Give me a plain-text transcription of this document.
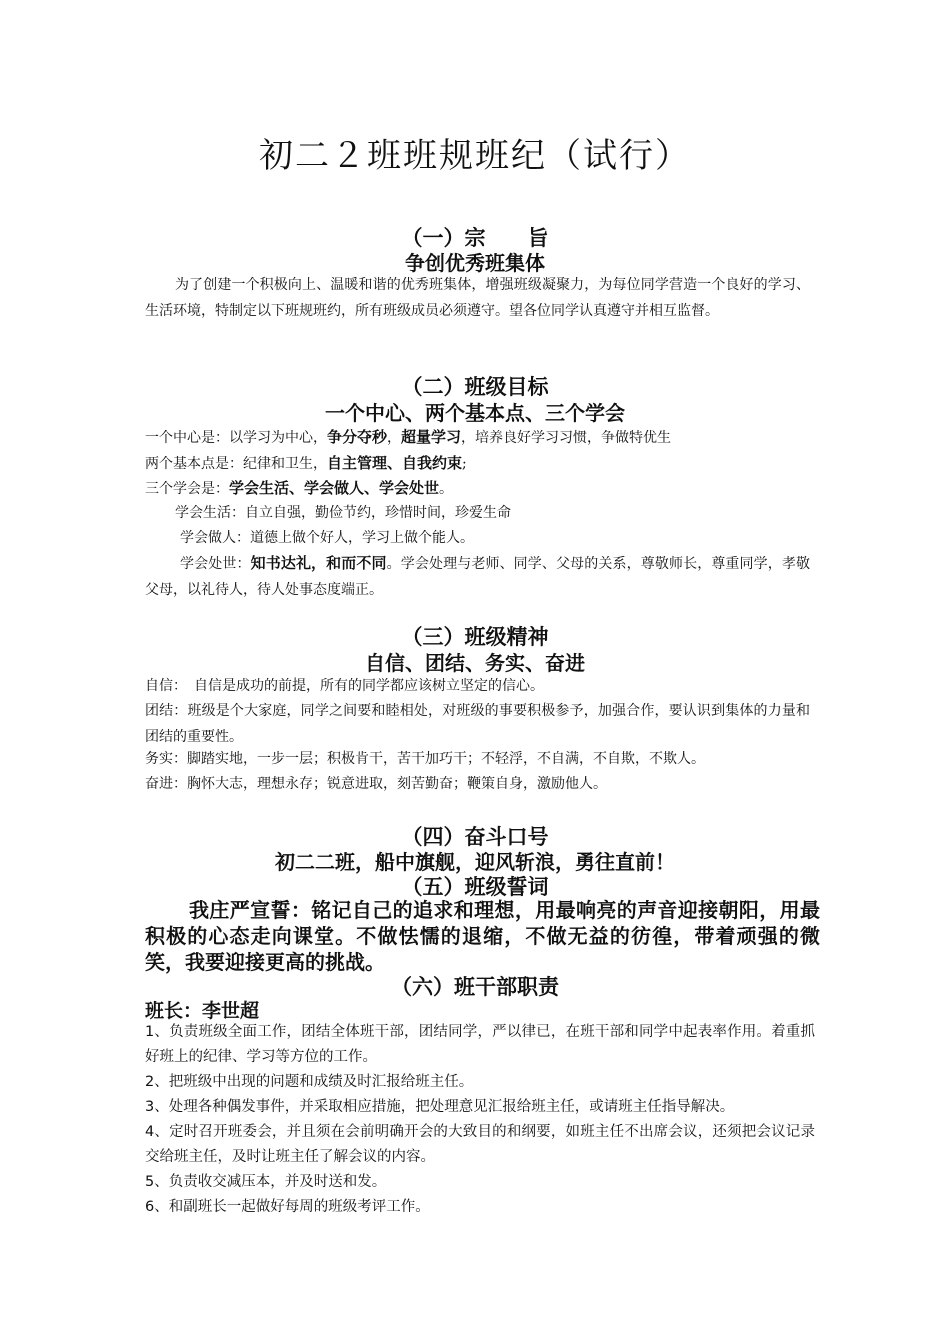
初二２班班规班纪（试行）
（一）宗　　旨
争创优秀班集体
为了创建一个积极向上、温暖和谐的优秀班集体，增强班级凝聚力，为每位同学营造一个良好的学习、生活环境，特制定以下班规班约，所有班级成员必须遵守。望各位同学认真遵守并相互监督。
（二）班级目标
一个中心、两个基本点、三个学会
一个中心是：以学习为中心，争分夺秒，超量学习，培养良好学习习惯，争做特优生
两个基本点是：纪律和卫生，自主管理、自我约束;
三个学会是：学会生活、学会做人、学会处世。
学会生活：自立自强，勤俭节约，珍惜时间，珍爱生命
学会做人：道德上做个好人，学习上做个能人。
学会处世：知书达礼，和而不同。学会处理与老师、同学、父母的关系，尊敬师长，尊重同学，孝敬父母，以礼待人，待人处事态度端正。
（三）班级精神
自信、团结、务实、奋进
自信：　自信是成功的前提，所有的同学都应该树立坚定的信心。
团结：班级是个大家庭，同学之间要和睦相处，对班级的事要积极参予，加强合作，要认识到集体的力量和团结的重要性。
务实：脚踏实地，一步一层；积极肯干，苦干加巧干；不轻浮，不自满，不自欺，不欺人。
奋进：胸怀大志，理想永存；锐意进取，刻苦勤奋；鞭策自身，激励他人。
（四）奋斗口号
初二二班，船中旗舰，迎风斩浪，勇往直前！
（五）班级誓词
我庄严宣誓：铭记自己的追求和理想，用最响亮的声音迎接朝阳，用最积极的心态走向课堂。不做怯懦的退缩，不做无益的彷徨，带着顽强的微笑，我要迎接更高的挑战。
（六）班干部职责
班长：李世超
1、负责班级全面工作，团结全体班干部，团结同学，严以律已，在班干部和同学中起表率作用。着重抓好班上的纪律、学习等方位的工作。
2、把班级中出现的问题和成绩及时汇报给班主任。
3、处理各种偶发事件，并采取相应措施，把处理意见汇报给班主任，或请班主任指导解决。
4、定时召开班委会，并且须在会前明确开会的大致目的和纲要，如班主任不出席会议，还须把会议记录交给班主任，及时让班主任了解会议的内容。
5、负责收交减压本，并及时送和发。
6、和副班长一起做好每周的班级考评工作。
